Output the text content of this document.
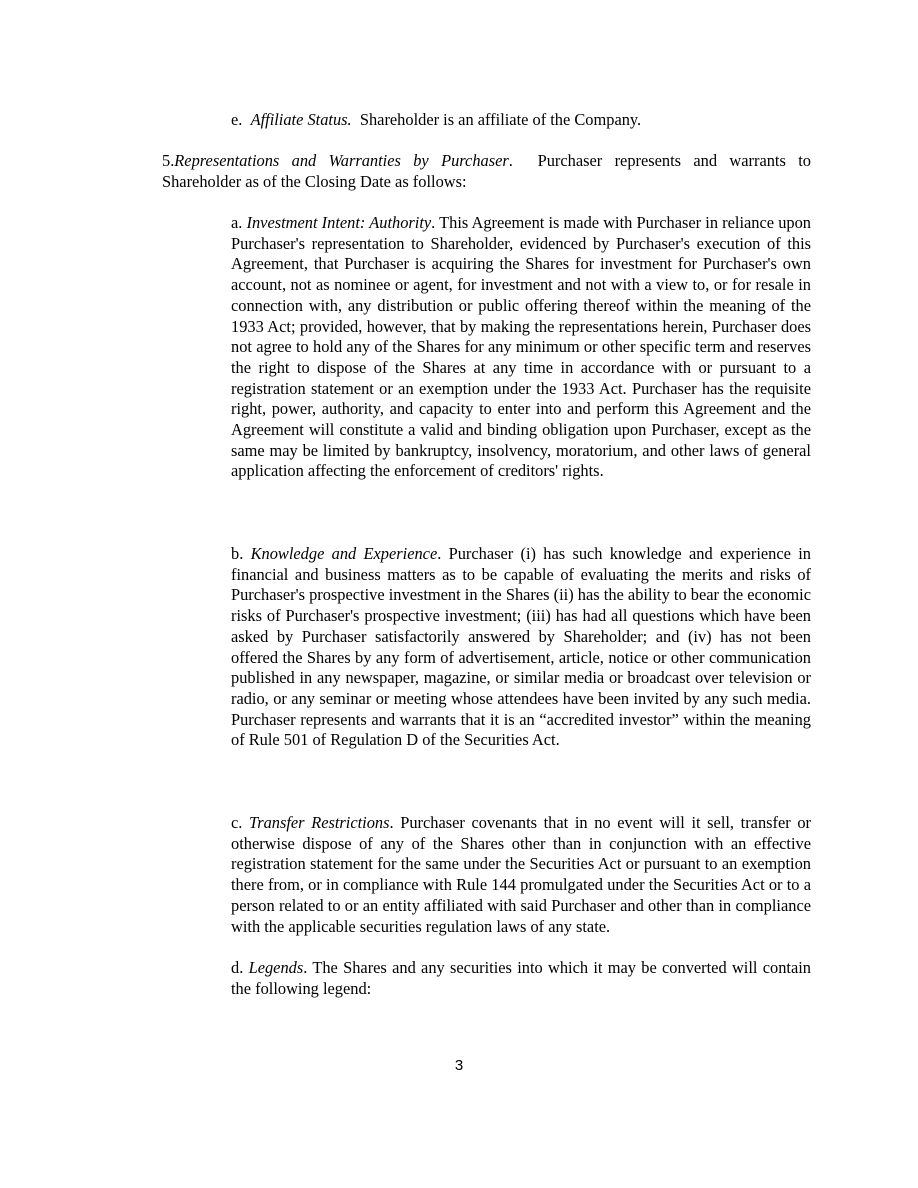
e. Affiliate Status. Shareholder is an affiliate of the Company.
5.Representations and Warranties by Purchaser. Purchaser represents and warrants to Shareholder as of the Closing Date as follows:
a. Investment Intent: Authority. This Agreement is made with Purchaser in reliance upon Purchaser's representation to Shareholder, evidenced by Purchaser's execution of this Agreement, that Purchaser is acquiring the Shares for investment for Purchaser's own account, not as nominee or agent, for investment and not with a view to, or for resale in connection with, any distribution or public offering thereof within the meaning of the 1933 Act; provided, however, that by making the representations herein, Purchaser does not agree to hold any of the Shares for any minimum or other specific term and reserves the right to dispose of the Shares at any time in accordance with or pursuant to a registration statement or an exemption under the 1933 Act. Purchaser has the requisite right, power, authority, and capacity to enter into and perform this Agreement and the Agreement will constitute a valid and binding obligation upon Purchaser, except as the same may be limited by bankruptcy, insolvency, moratorium, and other laws of general application affecting the enforcement of creditors' rights.
b. Knowledge and Experience. Purchaser (i) has such knowledge and experience in financial and business matters as to be capable of evaluating the merits and risks of Purchaser's prospective investment in the Shares (ii) has the ability to bear the economic risks of Purchaser's prospective investment; (iii) has had all questions which have been asked by Purchaser satisfactorily answered by Shareholder; and (iv) has not been offered the Shares by any form of advertisement, article, notice or other communication published in any newspaper, magazine, or similar media or broadcast over television or radio, or any seminar or meeting whose attendees have been invited by any such media. Purchaser represents and warrants that it is an “accredited investor” within the meaning of Rule 501 of Regulation D of the Securities Act.
c. Transfer Restrictions. Purchaser covenants that in no event will it sell, transfer or otherwise dispose of any of the Shares other than in conjunction with an effective registration statement for the same under the Securities Act or pursuant to an exemption there from, or in compliance with Rule 144 promulgated under the Securities Act or to a person related to or an entity affiliated with said Purchaser and other than in compliance with the applicable securities regulation laws of any state.
d. Legends. The Shares and any securities into which it may be converted will contain the following legend:
3
